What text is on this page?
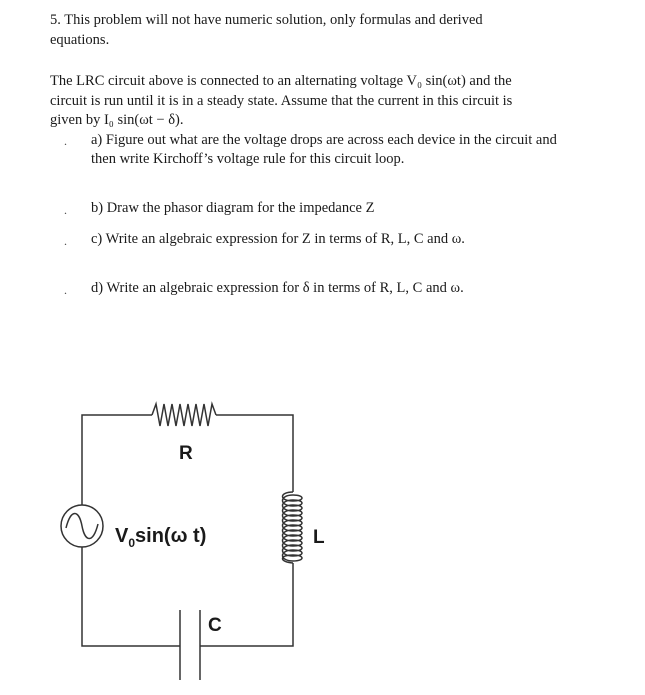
5. This problem will not have numeric solution, only formulas and derived
equations.
The LRC circuit above is connected to an alternating voltage V₀ sin(ωt) and the
circuit is run until it is in a steady state. Assume that the current in this circuit is
given by I₀ sin(ωt − δ).
. a) Figure out what are the voltage drops are across each device in the circuit and
then write Kirchoff’s voltage rule for this circuit loop.
. b) Draw the phasor diagram for the impedance Z
. c) Write an algebraic expression for Z in terms of R, L, C and ω.
. d) Write an algebraic expression for δ in terms of R, L, C and ω.
R
L
C
$V_0\sin(\omega$ t)
